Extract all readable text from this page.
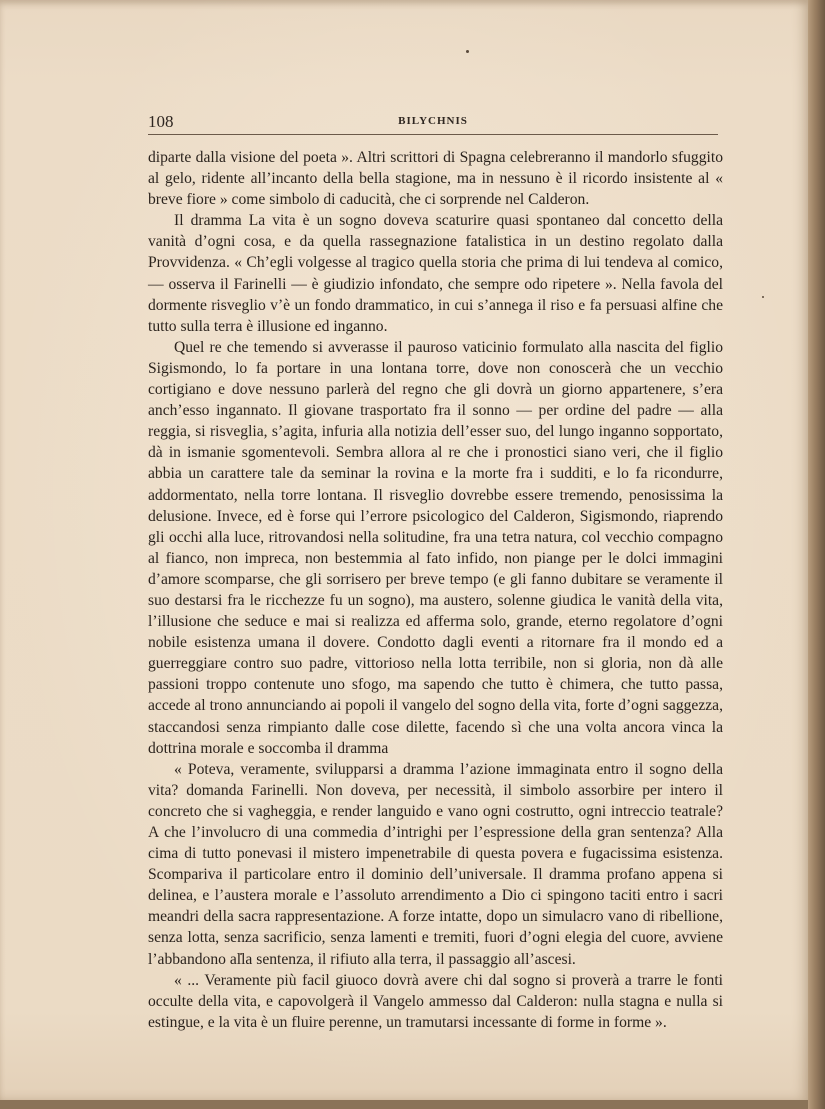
108	BILYCHNIS

diparte dalla visione del poeta ». Altri scrittori di Spagna celebreranno il mandorlo sfuggito al gelo, ridente all’incanto della bella stagione, ma in nessuno è il ricordo insistente al « breve fiore » come simbolo di caducità, che ci sorprende nel Calderon.

Il dramma La vita è un sogno doveva scaturire quasi spontaneo dal concetto della vanità d’ogni cosa, e da quella rassegnazione fatalistica in un destino regolato dalla Provvidenza. « Ch’egli volgesse al tragico quella storia che prima di lui tendeva al comico, — osserva il Farinelli — è giudizio infondato, che sempre odo ripetere ». Nella favola del dormente risveglio v’è un fondo drammatico, in cui s’annega il riso e fa persuasi alfine che tutto sulla terra è illusione ed inganno.

Quel re che temendo si avverasse il pauroso vaticinio formulato alla nascita del figlio Sigismondo, lo fa portare in una lontana torre, dove non conoscerà che un vecchio cortigiano e dove nessuno parlerà del regno che gli dovrà un giorno appartenere, s’era anch’esso ingannato. Il giovane trasportato fra il sonno — per ordine del padre — alla reggia, si risveglia, s’agita, infuria alla notizia dell’esser suo, del lungo inganno sopportato, dà in ismanie sgomentevoli. Sembra allora al re che i pronostici siano veri, che il figlio abbia un carattere tale da seminar la rovina e la morte fra i sudditi, e lo fa ricondurre, addormentato, nella torre lontana. Il risveglio dovrebbe essere tremendo, penosissima la delusione. Invece, ed è forse qui l’errore psicologico del Calderon, Sigismondo, riaprendo gli occhi alla luce, ritrovandosi nella solitudine, fra una tetra natura, col vecchio compagno al fianco, non impreca, non bestemmia al fato infido, non piange per le dolci immagini d’amore scomparse, che gli sorrisero per breve tempo (e gli fanno dubitare se veramente il suo destarsi fra le ricchezze fu un sogno), ma austero, solenne giudica le vanità della vita, l’illusione che seduce e mai si realizza ed afferma solo, grande, eterno regolatore d’ogni nobile esistenza umana il dovere. Condotto dagli eventi a ritornare fra il mondo ed a guerreggiare contro suo padre, vittorioso nella lotta terribile, non si gloria, non dà alle passioni troppo contenute uno sfogo, ma sapendo che tutto è chimera, che tutto passa, accede al trono annunciando ai popoli il vangelo del sogno della vita, forte d’ogni saggezza, staccandosi senza rimpianto dalle cose dilette, facendo sì che una volta ancora vinca la dottrina morale e soccomba il dramma

« Poteva, veramente, svilupparsi a dramma l’azione immaginata entro il sogno della vita? domanda Farinelli. Non doveva, per necessità, il simbolo assorbire per intero il concreto che si vagheggia, e render languido e vano ogni costrutto, ogni intreccio teatrale? A che l’involucro di una commedia d’intrighi per l’espressione della gran sentenza? Alla cima di tutto ponevasi il mistero impenetrabile di questa povera e fugacissima esistenza. Scompariva il particolare entro il dominio dell’universale. Il dramma profano appena si delinea, e l’austera morale e l’assoluto arrendimento a Dio ci spingono taciti entro i sacri meandri della sacra rappresentazione. A forze intatte, dopo un simulacro vano di ribellione, senza lotta, senza sacrificio, senza lamenti e tremiti, fuori d’ogni elegia del cuore, avviene l’abbandono alla sentenza, il rifiuto alla terra, il passaggio all’ascesi.

« ... Veramente più facil giuoco dovrà avere chi dal sogno si proverà a trarre le fonti occulte della vita, e capovolgerà il Vangelo ammesso dal Calderon: nulla stagna e nulla si estingue, e la vita è un fluire perenne, un tramutarsi incessante di forme in forme ».
